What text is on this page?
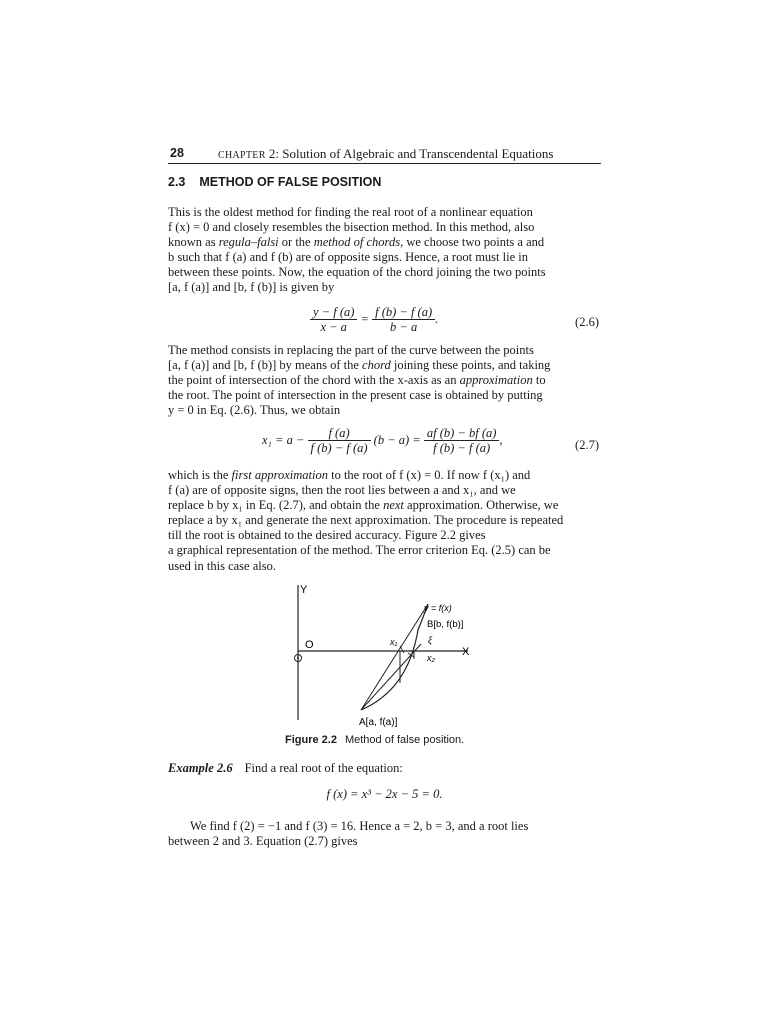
28	CHAPTER 2: Solution of Algebraic and Transcendental Equations
2.3 METHOD OF FALSE POSITION
This is the oldest method for finding the real root of a nonlinear equation
f (x) = 0 and closely resembles the bisection method. In this method, also
known as regula–falsi or the method of chords, we choose two points a and
b such that f (a) and f (b) are of opposite signs. Hence, a root must lie in
between these points. Now, the equation of the chord joining the two points
[a, f (a)] and [b, f (b)] is given by
$\frac{y - f (a)}{x - a} = \frac{f (b) - f (a)}{b - a}$ .	(2.6)
The method consists in replacing the part of the curve between the points
[a, f (a)] and [b, f (b)] by means of the chord joining these points, and taking
the point of intersection of the chord with the x-axis as an approximation to
the root. The point of intersection in the present case is obtained by putting
y = 0 in Eq. (2.6). Thus, we obtain
$x_1 = a - \frac{f (a)}{f (b) - f (a)} (b - a) = \frac{af (b) - bf (a)}{f (b) - f (a)}$ ,	(2.7)
which is the first approximation to the root of f (x) = 0. If now f (x₁) and
f (a) are of opposite signs, then the root lies between a and x₁, and we
replace b by x₁ in Eq. (2.7), and obtain the next approximation. Otherwise, we
replace a by x₁ and generate the next approximation. The procedure is repeated
till the root is obtained to the desired accuracy. Figure 2.2 gives
a graphical representation of the method. The error criterion Eq. (2.5) can be
used in this case also.
Y
X
O
y = f(x)
B[b, f(b)]
x₁
x₂
ξ
A[a, f(a)]
Figure 2.2 Method of false position.
Example 2.6 Find a real root of the equation:
f (x) = x³ − 2x − 5 = 0.
We find f (2) = −1 and f (3) = 16. Hence a = 2, b = 3, and a root lies
between 2 and 3. Equation (2.7) gives
